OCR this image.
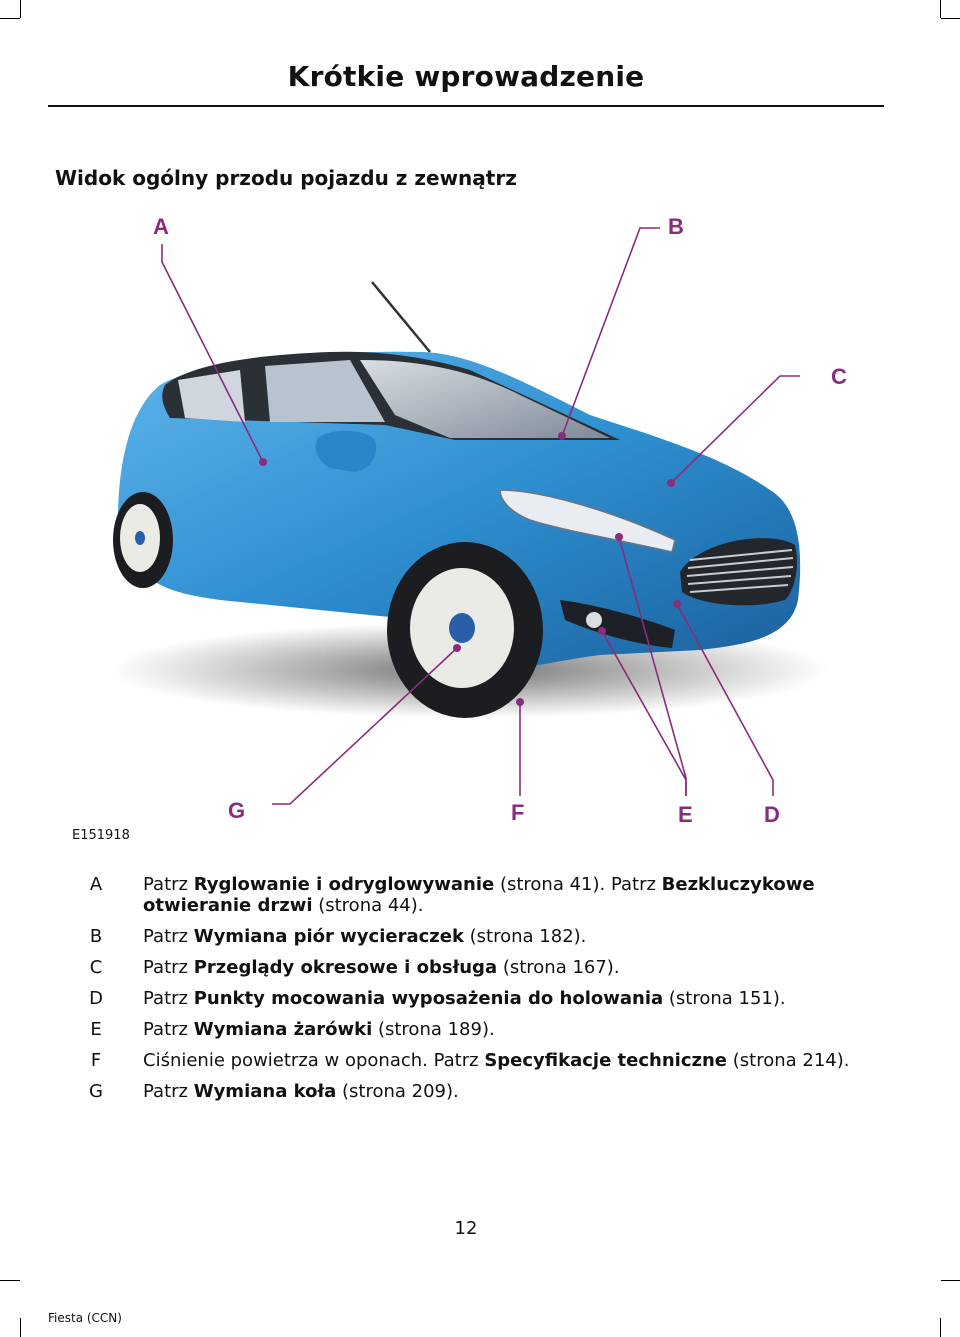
Krótkie wprowadzenie
Widok ogólny przodu pojazdu z zewnątrz
A	B
C
D
E
F
G
E151918
A Patrz Ryglowanie i odryglowywanie (strona 41). Patrz Bezkluczykowe
otwieranie drzwi (strona 44).
B Patrz Wymiana piór wycieraczek (strona 182).
C Patrz Przeglądy okresowe i obsługa (strona 167).
D Patrz Punkty mocowania wyposażenia do holowania (strona 151).
E Patrz Wymiana żarówki (strona 189).
F Ciśnienie powietrza w oponach. Patrz Specyfikacje techniczne (strona 214).
G Patrz Wymiana koła (strona 209).
12
Fiesta (CCN)
